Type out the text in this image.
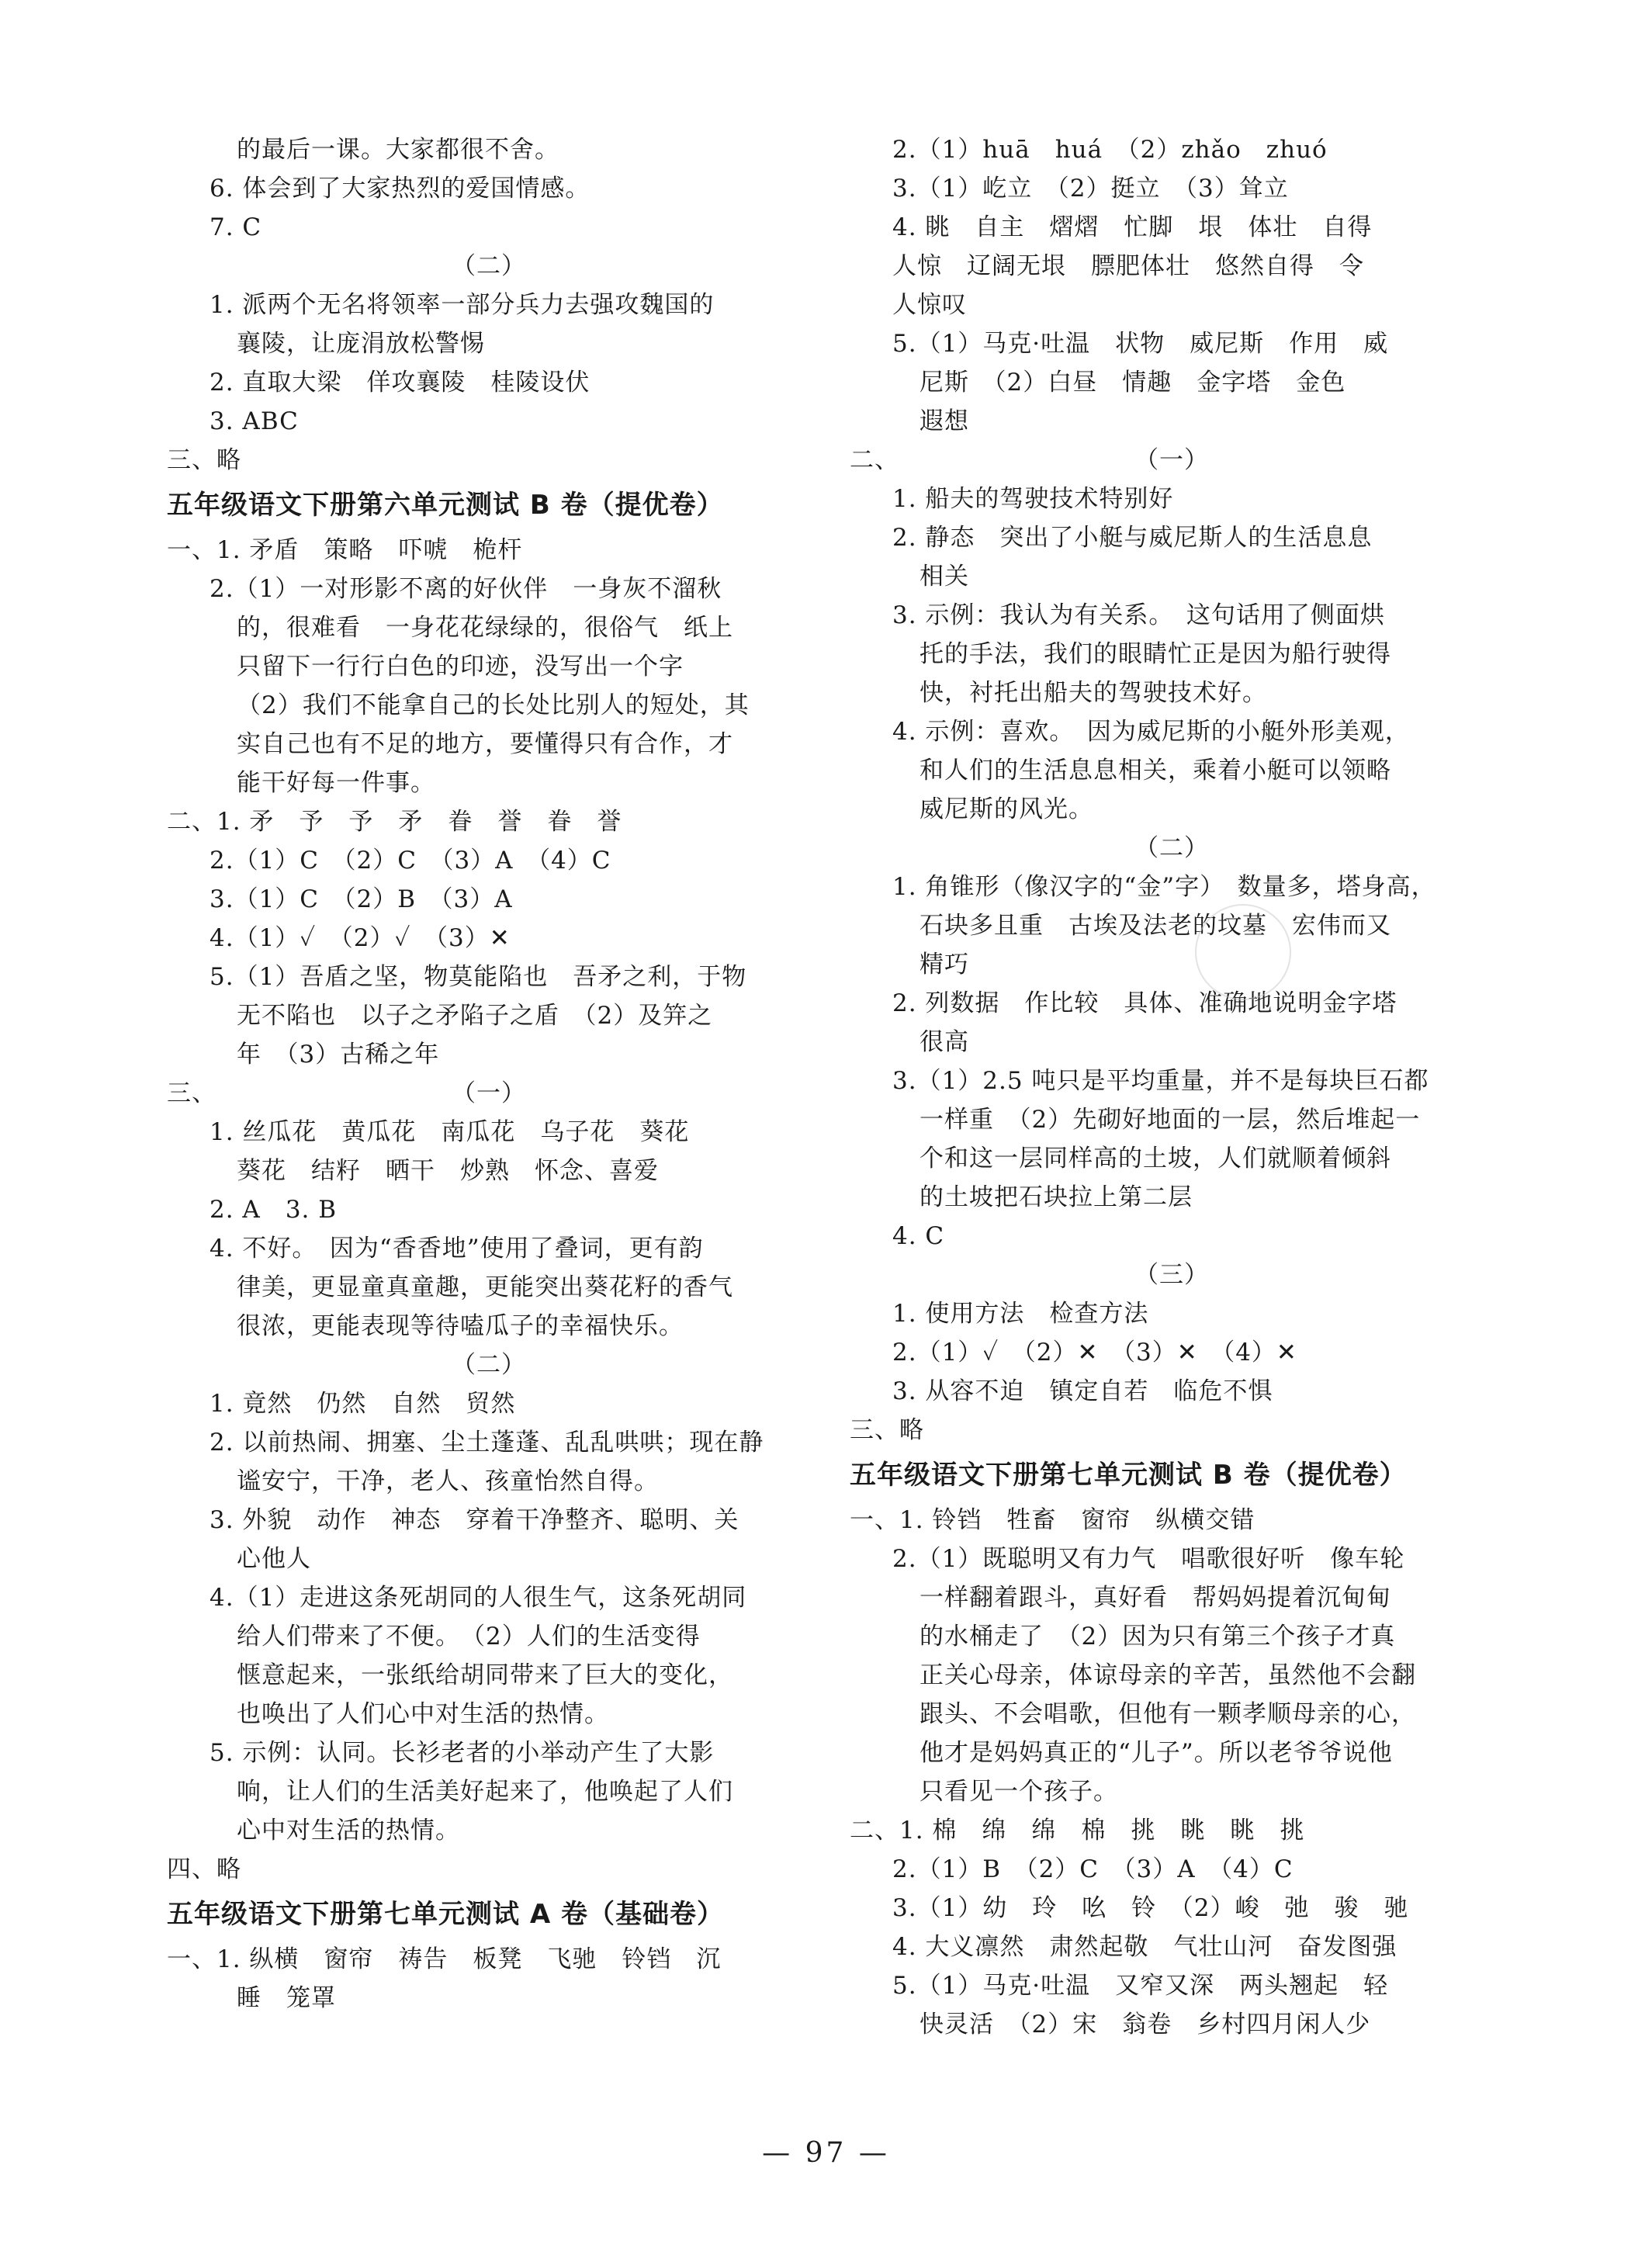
的最后一课。大家都很不舍。
6. 体会到了大家热烈的爱国情感。
7. C
（二）
1. 派两个无名将领率一部分兵力去强攻魏国的
襄陵，让庞涓放松警惕
2. 直取大梁　佯攻襄陵　桂陵设伏
3. ABC
三、略
五年级语文下册第六单元测试 B 卷（提优卷）
一、1. 矛盾　策略　吓唬　桅杆
2.（1）一对形影不离的好伙伴　一身灰不溜秋
的，很难看　一身花花绿绿的，很俗气　纸上
只留下一行行白色的印迹，没写出一个字
（2）我们不能拿自己的长处比别人的短处，其
实自己也有不足的地方，要懂得只有合作，才
能干好每一件事。
二、1. 矛　予　予　矛　眷　誉　眷　誉
2.（1）C　（2）C　（3）A　（4）C
3.（1）C　（2）B　（3）A
4.（1）✓　（2）✓　（3）✕
5.（1）吾盾之坚，物莫能陷也　吾矛之利，于物
无不陷也　以子之矛陷子之盾　（2）及笄之
年　（3）古稀之年
三、	（一）
1. 丝瓜花　黄瓜花　南瓜花　乌子花　葵花
葵花　结籽　晒干　炒熟　怀念、喜爱
2. A　3. B
4. 不好。　因为“香香地”使用了叠词，更有韵
律美，更显童真童趣，更能突出葵花籽的香气
很浓，更能表现等待嗑瓜子的幸福快乐。
（二）
1. 竟然　仍然　自然　贸然
2. 以前热闹、拥塞、尘土蓬蓬、乱乱哄哄；现在静
谧安宁，干净，老人、孩童怡然自得。
3. 外貌　动作　神态　穿着干净整齐、聪明、关
心他人
4.（1）走进这条死胡同的人很生气，这条死胡同
给人们带来了不便。　（2）人们的生活变得
惬意起来，一张纸给胡同带来了巨大的变化，
也唤出了人们心中对生活的热情。
5. 示例：认同。长衫老者的小举动产生了大影
响，让人们的生活美好起来了，他唤起了人们
心中对生活的热情。
四、略
五年级语文下册第七单元测试 A 卷（基础卷）
一、1. 纵横　窗帘　祷告　板凳　飞驰　铃铛　沉
睡　笼罩
2.（1）huā　huá　（2）zhǎo　zhuó
3.（1）屹立　（2）挺立　（3）耸立
4. 眺　自主　熠熠　忙脚　垠　体壮　自得
人惊　辽阔无垠　膘肥体壮　悠然自得　令
人惊叹
5.（1）马克·吐温　状物　威尼斯　作用　威
尼斯　（2）白昼　情趣　金字塔　金色
遐想
二、	（一）
1. 船夫的驾驶技术特别好
2. 静态　突出了小艇与威尼斯人的生活息息
相关
3. 示例：我认为有关系。　这句话用了侧面烘
托的手法，我们的眼睛忙正是因为船行驶得
快，衬托出船夫的驾驶技术好。
4. 示例：喜欢。　因为威尼斯的小艇外形美观，
和人们的生活息息相关，乘着小艇可以领略
威尼斯的风光。
（二）
1. 角锥形（像汉字的“金”字）　数量多，塔身高，
石块多且重　古埃及法老的坟墓　宏伟而又
精巧
2. 列数据　作比较　具体、准确地说明金字塔
很高
3.（1）2.5 吨只是平均重量，并不是每块巨石都
一样重　（2）先砌好地面的一层，然后堆起一
个和这一层同样高的土坡，人们就顺着倾斜
的土坡把石块拉上第二层
4. C
（三）
1. 使用方法　检查方法
2.（1）✓　（2）✕　（3）✕　（4）✕
3. 从容不迫　镇定自若　临危不惧
三、略
五年级语文下册第七单元测试 B 卷（提优卷）
一、1. 铃铛　牲畜　窗帘　纵横交错
2.（1）既聪明又有力气　唱歌很好听　像车轮
一样翻着跟斗，真好看　帮妈妈提着沉甸甸
的水桶走了　（2）因为只有第三个孩子才真
正关心母亲，体谅母亲的辛苦，虽然他不会翻
跟头、不会唱歌，但他有一颗孝顺母亲的心，
他才是妈妈真正的“儿子”。所以老爷爷说他
只看见一个孩子。
二、1. 棉　绵　绵　棉　挑　眺　眺　挑
2.（1）B　（2）C　（3）A　（4）C
3.（1）幼　玲　吆　铃　（2）峻　弛　骏　驰
4. 大义凛然　肃然起敬　气壮山河　奋发图强
5.（1）马克·吐温　又窄又深　两头翘起　轻
快灵活　（2）宋　翁卷　乡村四月闲人少
— 97 —
